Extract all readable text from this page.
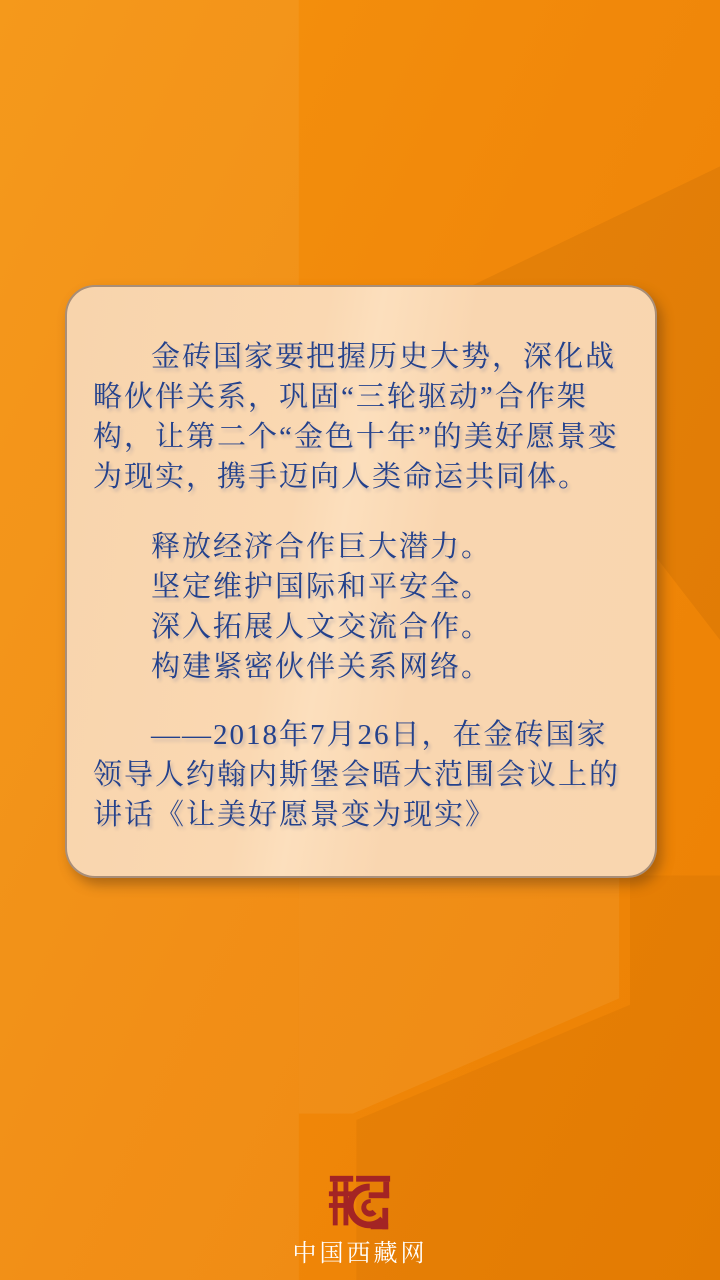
金砖国家要把握历史大势，深化战略伙伴关系，巩固“三轮驱动”合作架构，让第二个“金色十年”的美好愿景变为现实，携手迈向人类命运共同体。

释放经济合作巨大潜力。

坚定维护国际和平安全。

深入拓展人文交流合作。

构建紧密伙伴关系网络。

——2018年7月26日，在金砖国家领导人约翰内斯堡会晤大范围会议上的讲话《让美好愿景变为现实》

中国西藏网
